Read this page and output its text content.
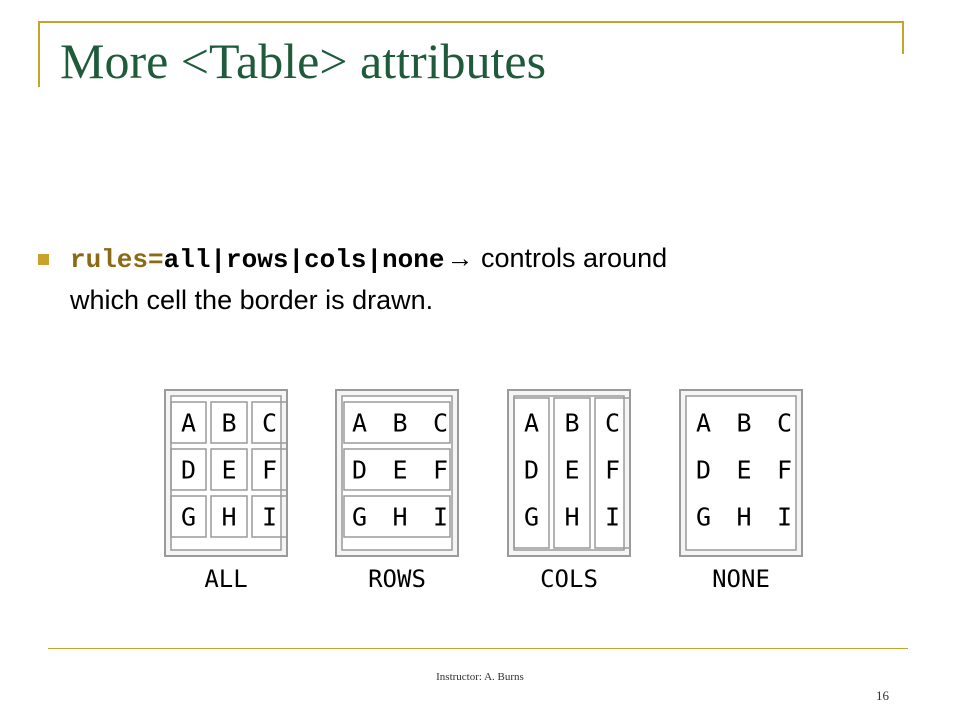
More <Table> attributes
rules=all|rows|cols|none→ controls around
which cell the border is drawn.
A B C
D E F
G H I
ALL
A B C
D E F
G H I
ROWS
A B C
D E F
G H I
COLS
A B C
D E F
G H I
NONE
Instructor: A. Burns
16
